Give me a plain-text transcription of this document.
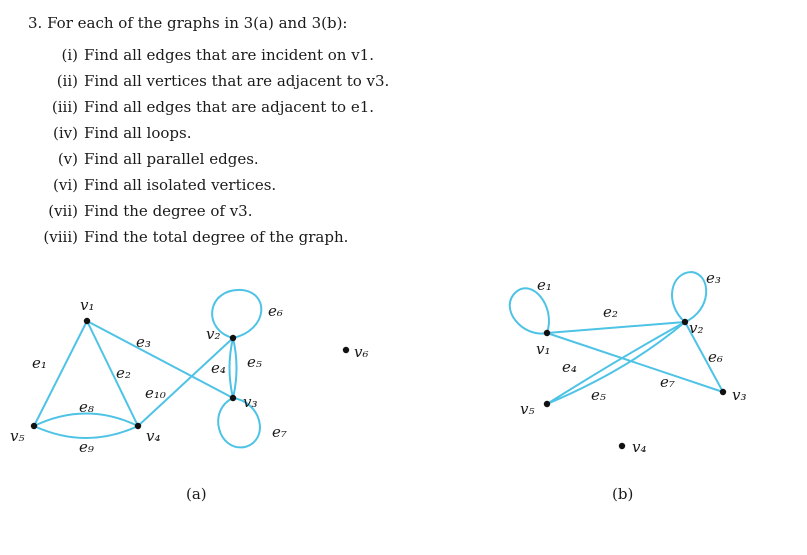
3. For each of the graphs in 3(a) and 3(b):
(i) Find all edges that are incident on v1.
(ii) Find all vertices that are adjacent to v3.
(iii) Find all edges that are adjacent to e1.
(iv) Find all loops.
(v) Find all parallel edges.
(vi) Find all isolated vertices.
(vii) Find the degree of v3.
(viii) Find the total degree of the graph.
v₁
v₂
v₃
v₄
v₅
v₆
e₁
e₂
e₃
e₄ e₅
e₆
e₇
e₈
e₉
e₁₀
(a)
v₁
v₂
v₃
v₄
v₅
e₁
e₂
e₃
e₄
e₅
e₆
e₇
(b)
